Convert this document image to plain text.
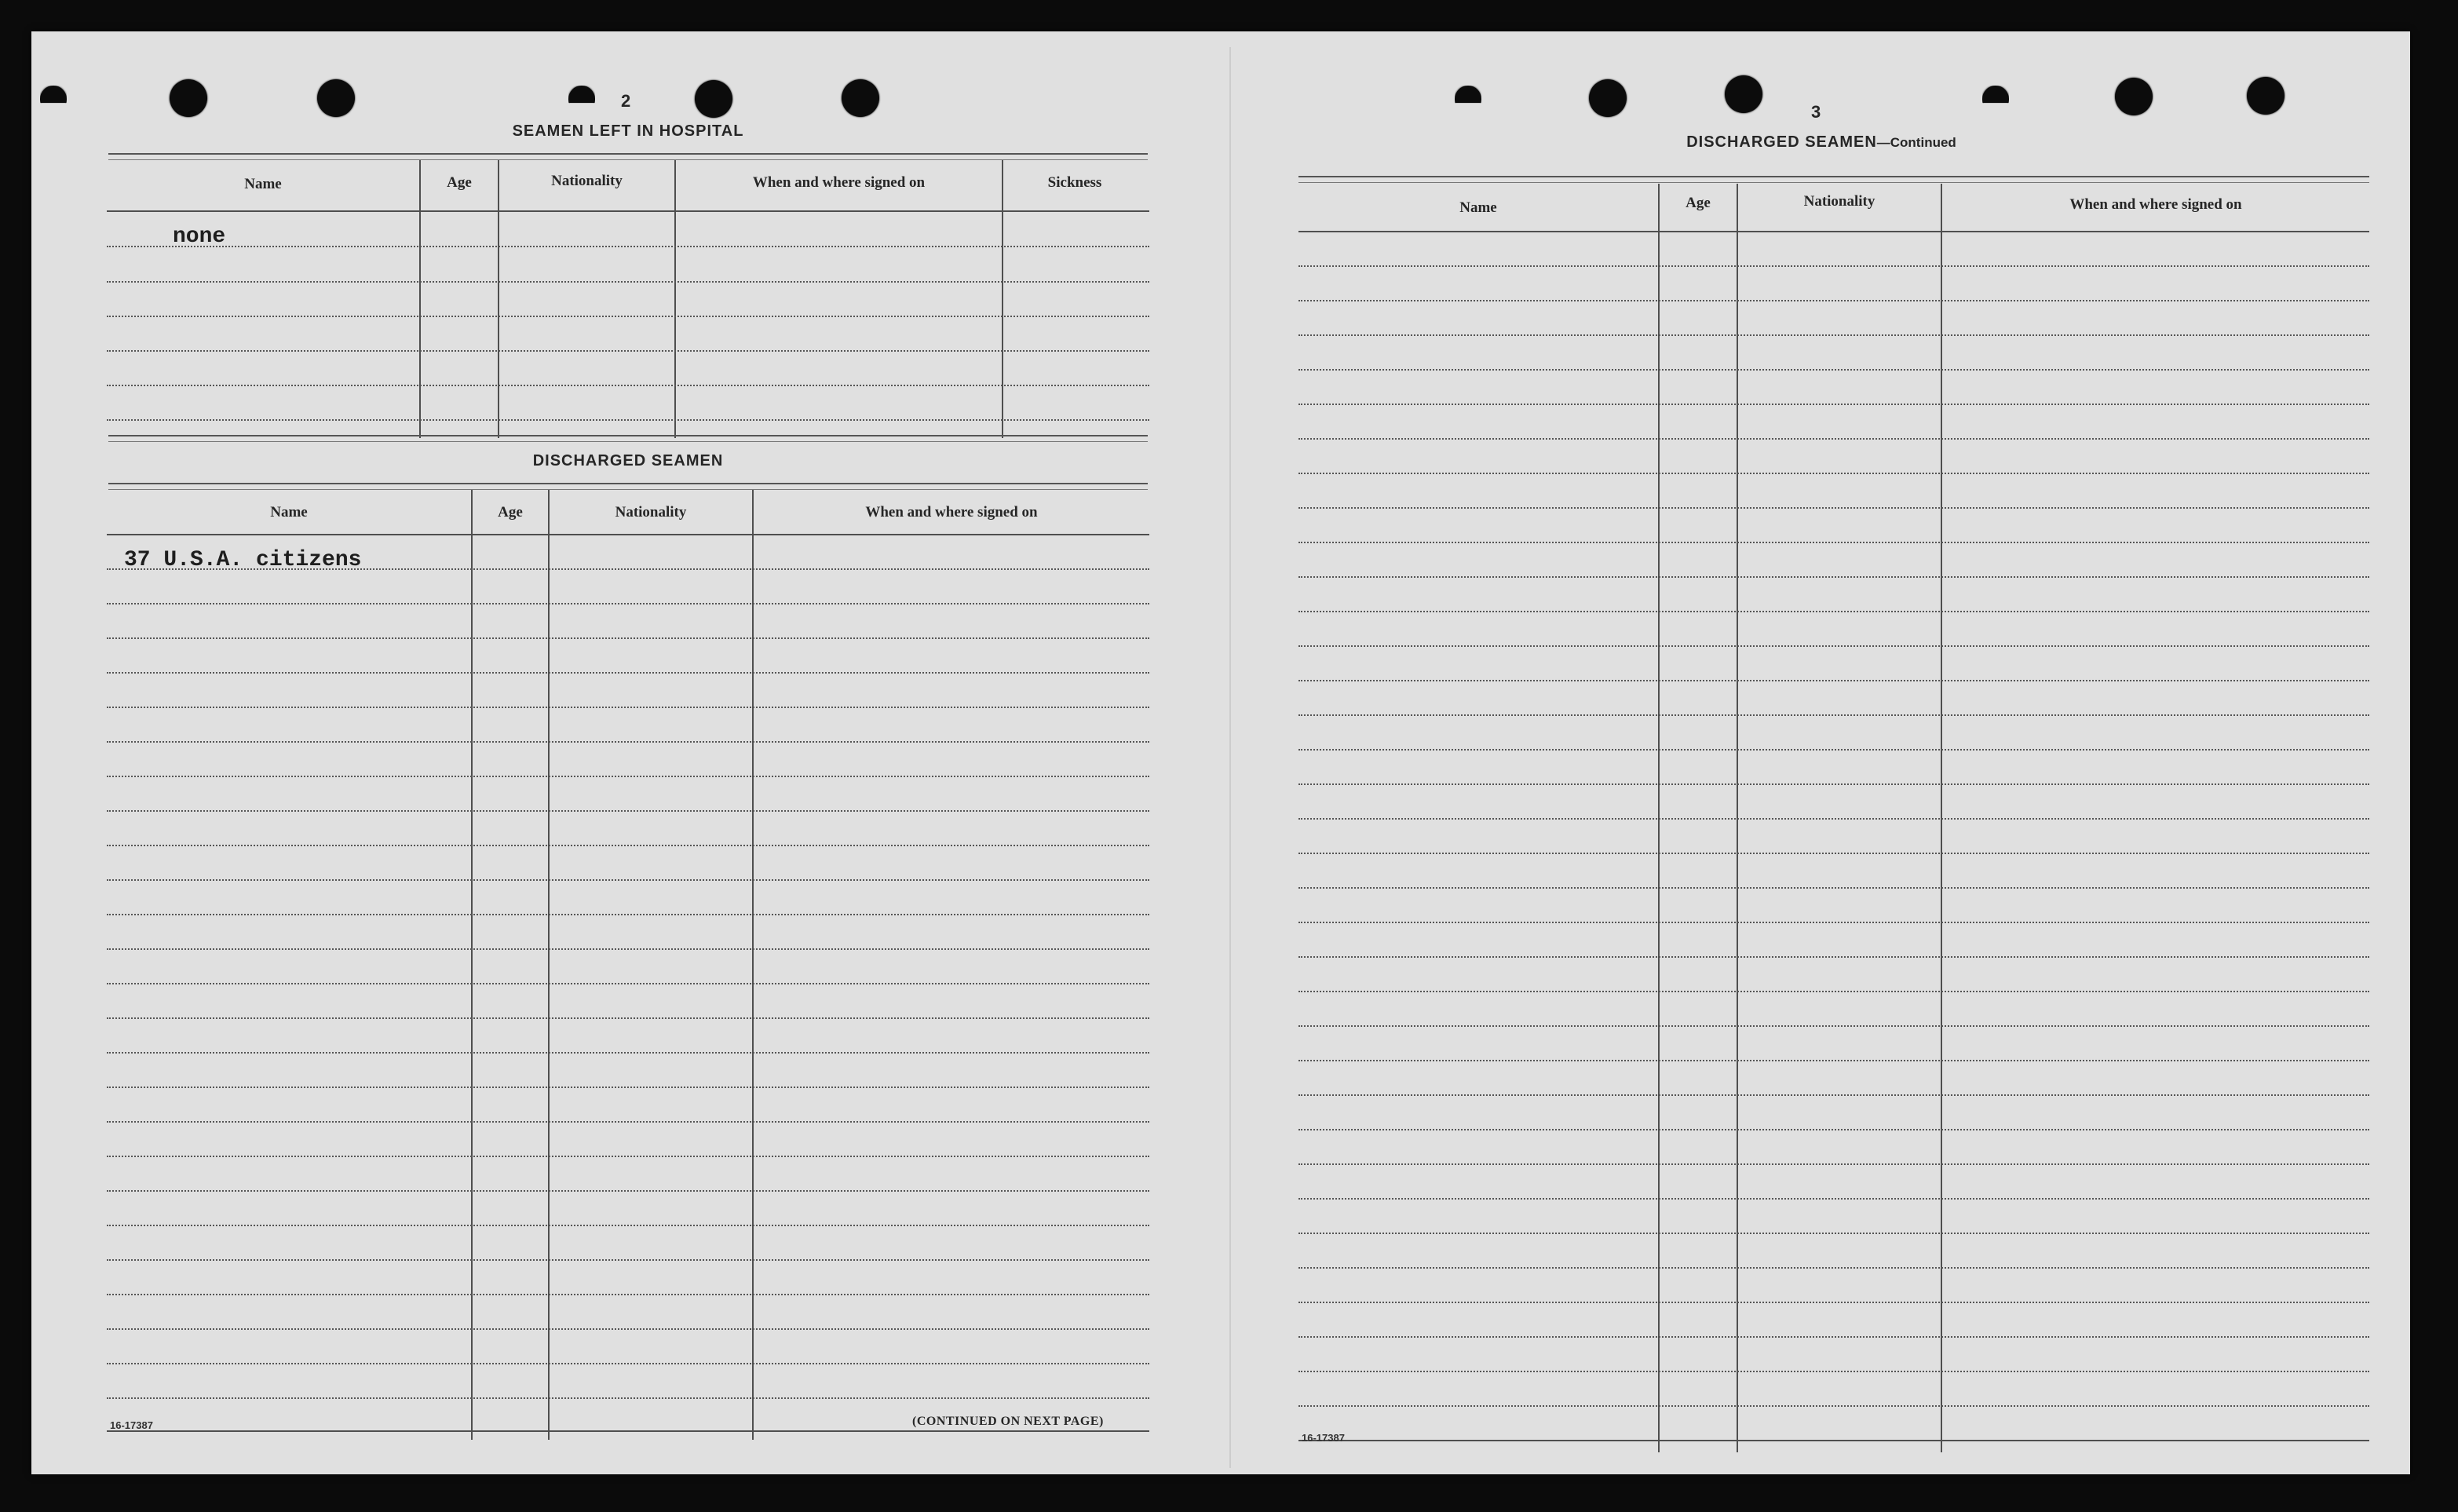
2
SEAMEN LEFT IN HOSPITAL
Name	Age	Nationality	When and where signed on	Sickness
none
DISCHARGED SEAMEN
Name	Age	Nationality	When and where signed on
37 U.S.A. citizens
16-17387	(CONTINUED ON NEXT PAGE)
3
DISCHARGED SEAMEN—Continued
Name	Age	Nationality	When and where signed on
16-17387
